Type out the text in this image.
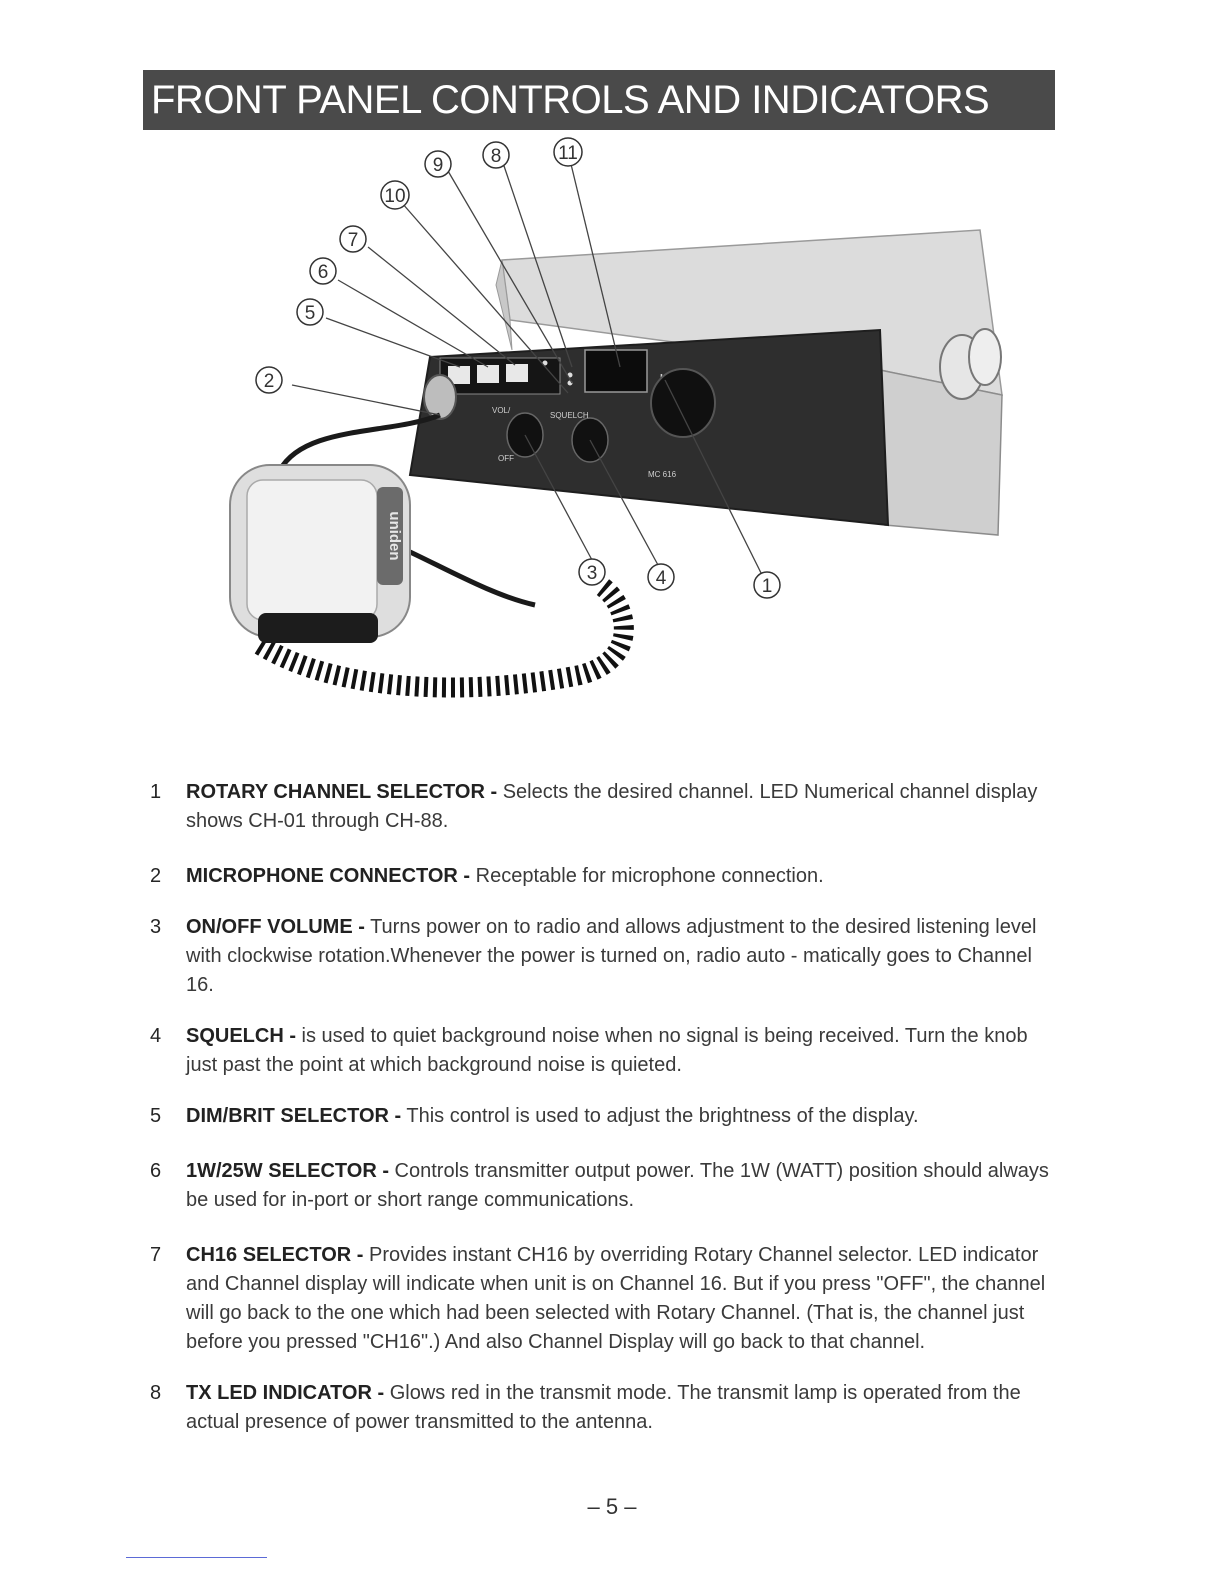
FRONT PANEL CONTROLS AND INDICATORS
VOL/
SQUELCH
OFF
MC 616
uniden
1
2
3	4
5
6
7
8
9
10
11
1	ROTARY CHANNEL SELECTOR - Selects the desired channel. LED Numerical channel display shows CH-01 through CH-88.
2	MICROPHONE CONNECTOR - Receptable for microphone connection.
3	ON/OFF VOLUME - Turns power on to radio and allows adjustment to the desired listening level with clockwise rotation.Whenever the power is turned on, radio auto - matically goes to Channel 16.
4	SQUELCH - is used to quiet background noise when no signal is being received. Turn the knob just past the point at which background noise is quieted.
5	DIM/BRIT SELECTOR - This control is used to adjust the brightness of the display.
6	1W/25W SELECTOR - Controls transmitter output power. The 1W (WATT) position should always be used for in-port or short range communications.
7	CH16 SELECTOR - Provides instant CH16 by overriding Rotary Channel selector. LED indicator and Channel display will indicate when unit is on Channel 16. But if you press "OFF", the channel will go back to the one which had been selected with Rotary Channel. (That is, the channel just before you pressed "CH16".) And also Channel Display will go back to that channel.
8	TX LED INDICATOR - Glows red in the transmit mode. The transmit lamp is operated from the actual presence of power transmitted to the antenna.
– 5 –
